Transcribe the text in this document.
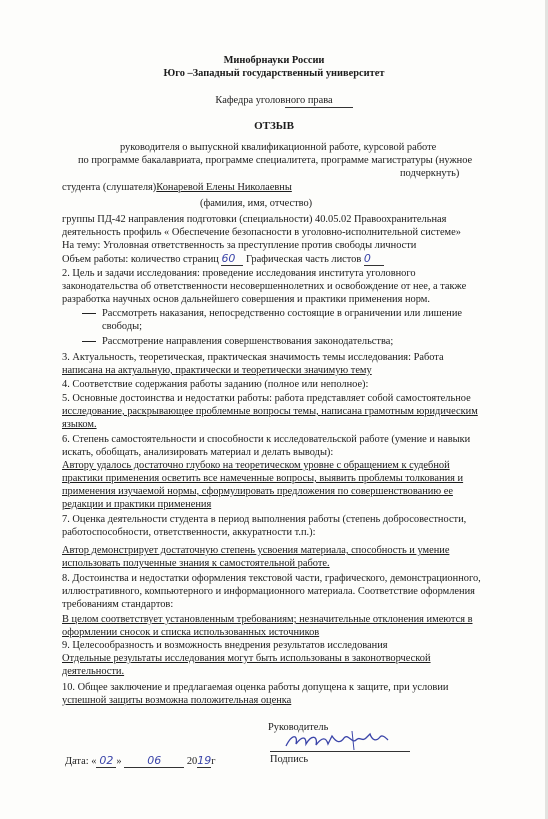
Минобрнауки России
Юго –Западный государственный университет
Кафедра уголовного права
ОТЗЫВ
руководителя о выпускной квалификационной работе, курсовой работе
по программе бакалавриата, программе специалитета, программе магистратуры (нужное
подчеркнуть)
студента (слушателя)Конаревой Елены Николаевны
(фамилия, имя, отчество)
группы ПД-42 направления подготовки (специальности) 40.05.02 Правоохранительная
деятельность профиль « Обеспечение безопасности в уголовно-исполнительной системе»
На тему: Уголовная ответственность за преступление против свободы личности
Объем работы: количество страниц 60 Графическая часть листов 0
2. Цель и задачи исследования: проведение исследования института уголовного
законодательства об ответственности несовершеннолетних и освобождение от нее, а также
разработка научных основ дальнейшего совершения и практики применения норм.
Рассмотреть наказания, непосредственно состоящие в ограничении или лишение
свободы;
Рассмотрение направления совершенствования законодательства;
3. Актуальность, теоретическая, практическая значимость темы исследования: Работа
написана на актуальную, практически и теоретически значимую тему
4. Соответствие содержания работы заданию (полное или неполное):
5. Основные достоинства и недостатки работы: работа представляет собой самостоятельное
исследование, раскрывающее проблемные вопросы темы, написана грамотным юридическим
языком.
6. Степень самостоятельности и способности к исследовательской работе (умение и навыки
искать, обобщать, анализировать материал и делать выводы):
Автору удалось достаточно глубоко на теоретическом уровне с обращением к судебной
практики применения осветить все намеченные вопросы, выявить проблемы толкования и
применения изучаемой нормы, сформулировать предложения по совершенствованию ее
редакции и практики применения
7. Оценка деятельности студента в период выполнения работы (степень добросовестности,
работоспособности, ответственности, аккуратности т.п.):
Автор демонстрирует достаточную степень усвоения материала, способность и умение
использовать полученные знания к самостоятельной работе.
8. Достоинства и недостатки оформления текстовой части, графического, демонстрационного,
иллюстративного, компьютерного и информационного материала. Соответствие оформления
требованиям стандартов:
В целом соответствует установленным требованиям; незначительные отклонения имеются в
оформлении сносок и списка использованных источников
9. Целесообразность и возможность внедрения результатов исследования
Отдельные результаты исследования могут быть использованы в законотворческой
деятельности.
10. Общее заключение и предлагаемая оценка работы допущена к защите, при условии
успешной защиты возможна положительная оценка
Руководитель
Подпись
Дата: « 02 » 06 2019г
